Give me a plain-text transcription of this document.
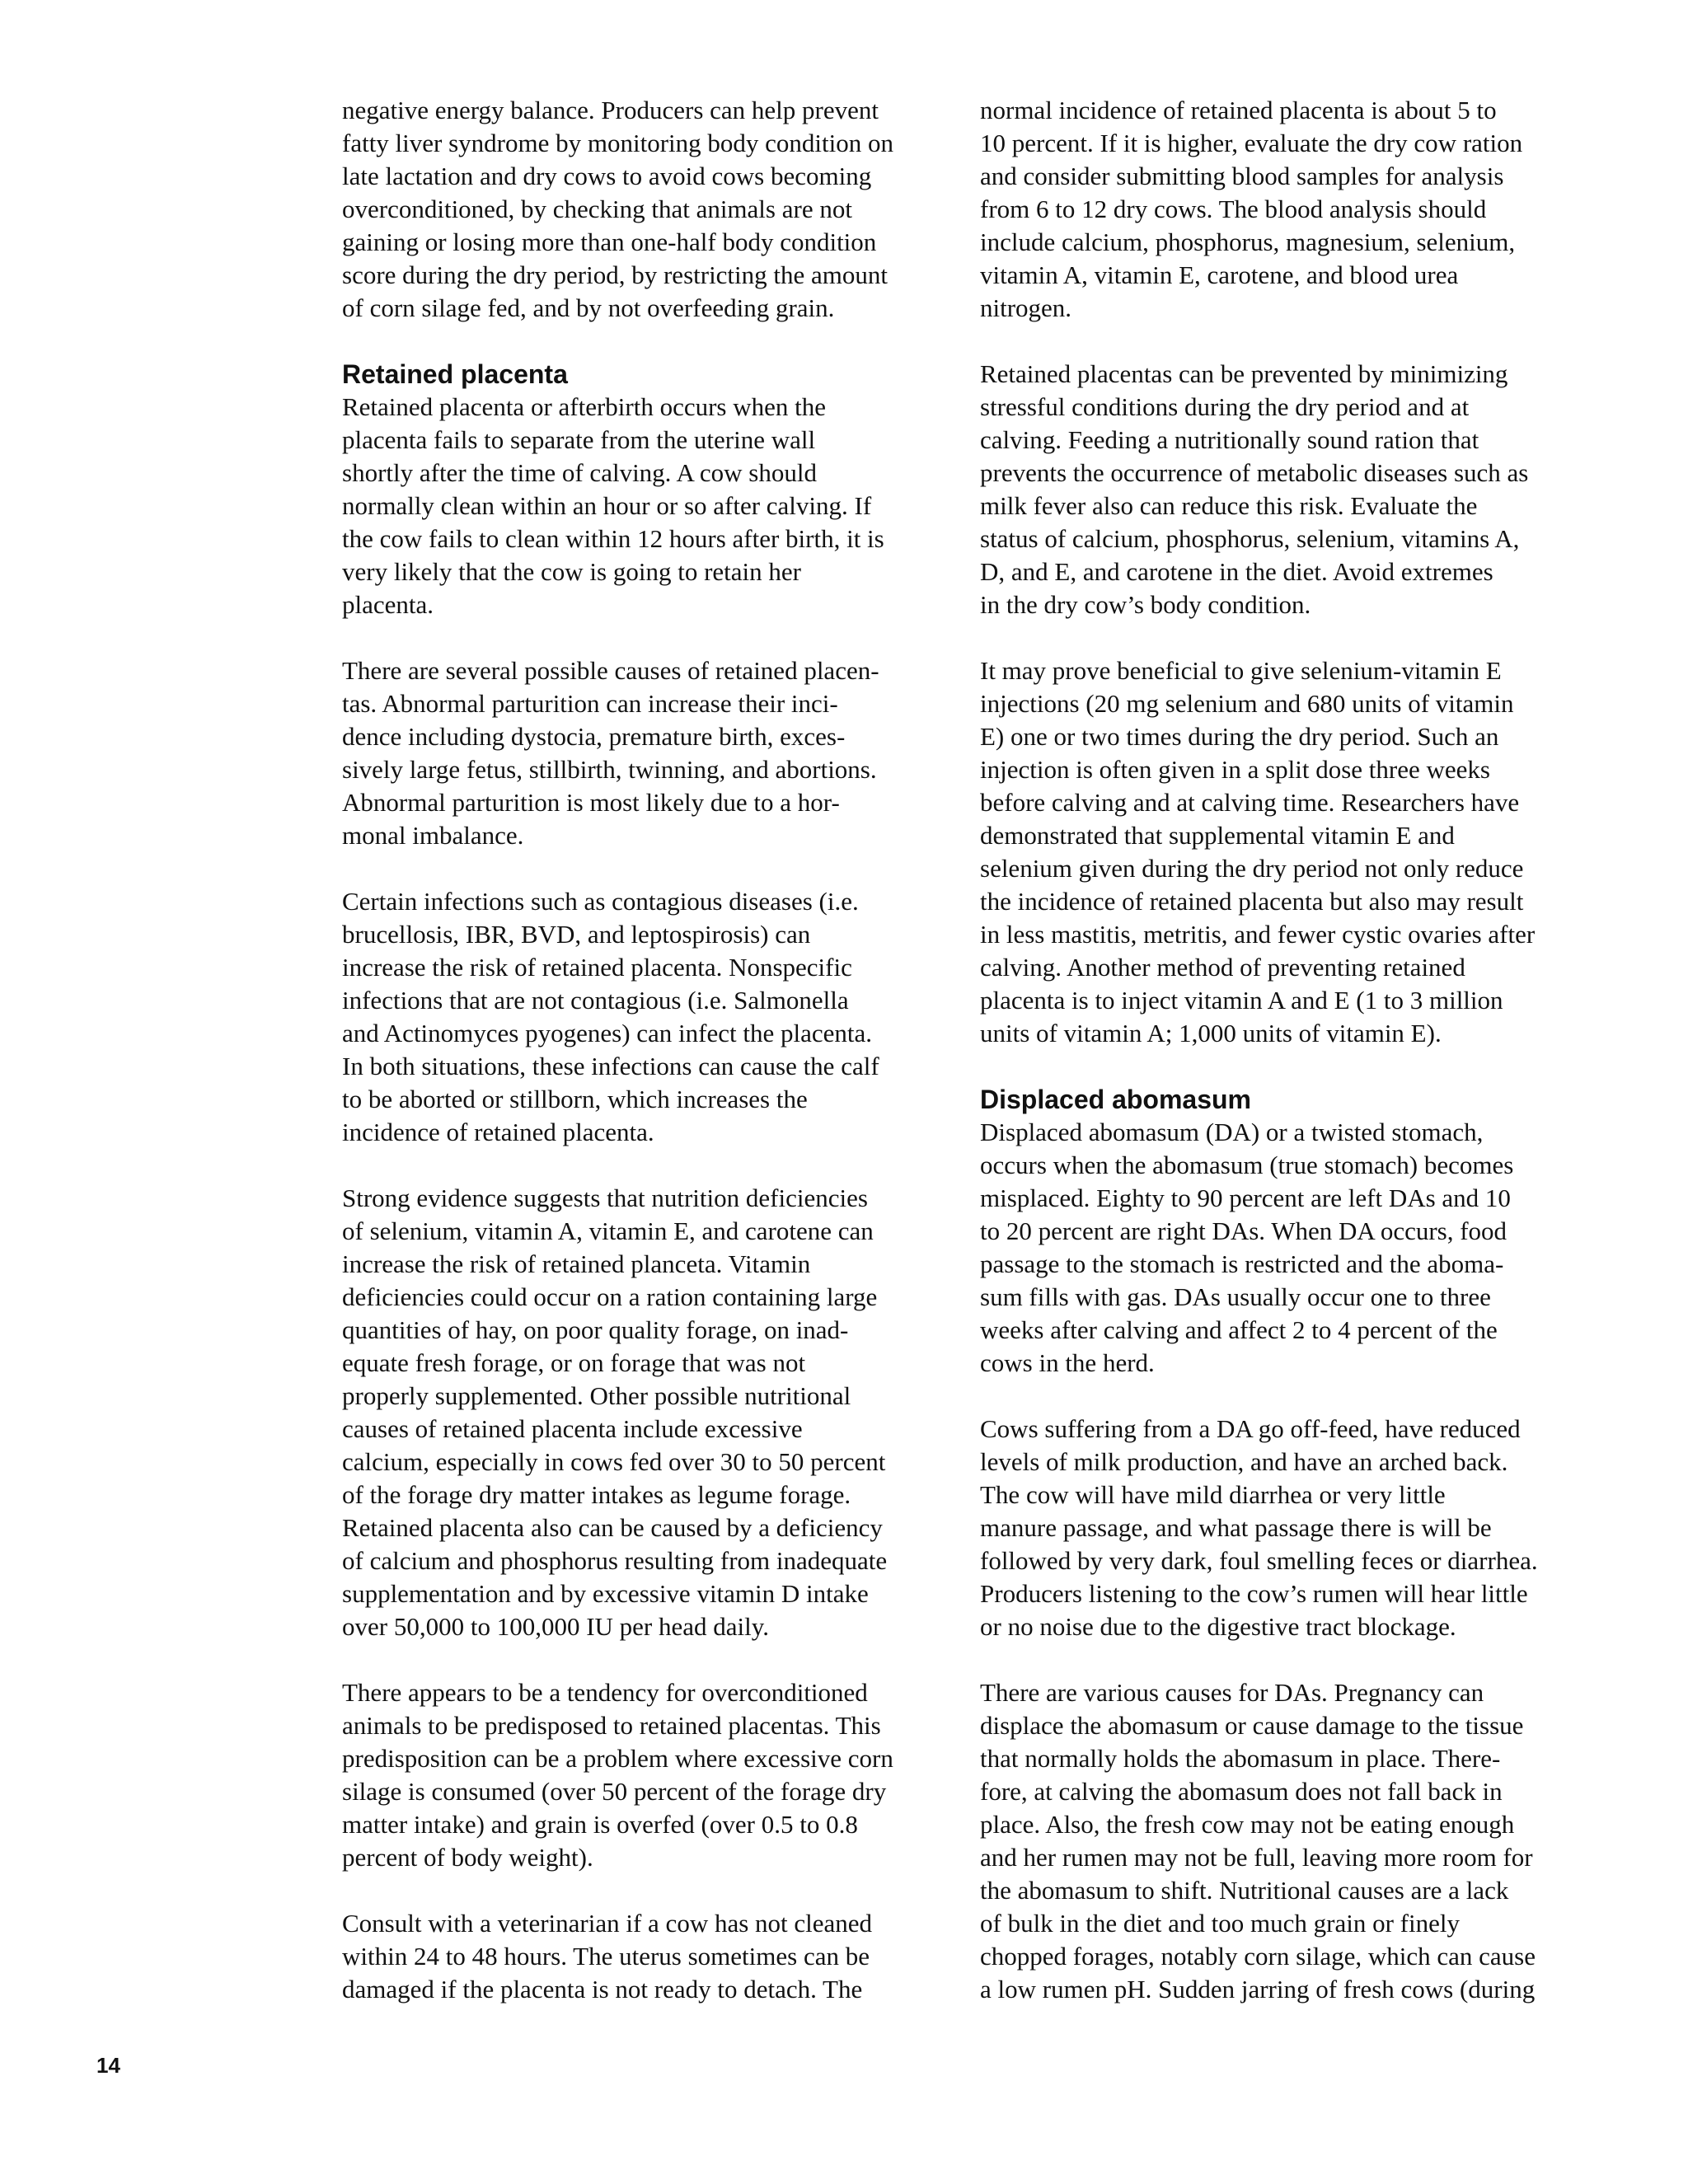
negative energy balance. Producers can help prevent
fatty liver syndrome by monitoring body condition on
late lactation and dry cows to avoid cows becoming
overconditioned, by checking that animals are not
gaining or losing more than one-half body condition
score during the dry period, by restricting the amount
of corn silage fed, and by not overfeeding grain.

Retained placenta

Retained placenta or afterbirth occurs when the
placenta fails to separate from the uterine wall
shortly after the time of calving. A cow should
normally clean within an hour or so after calving. If
the cow fails to clean within 12 hours after birth, it is
very likely that the cow is going to retain her
placenta.

There are several possible causes of retained placen-
tas. Abnormal parturition can increase their inci-
dence including dystocia, premature birth, exces-
sively large fetus, stillbirth, twinning, and abortions.
Abnormal parturition is most likely due to a hor-
monal imbalance.

Certain infections such as contagious diseases (i.e.
brucellosis, IBR, BVD, and leptospirosis) can
increase the risk of retained placenta. Nonspecific
infections that are not contagious (i.e. Salmonella
and Actinomyces pyogenes) can infect the placenta.
In both situations, these infections can cause the calf
to be aborted or stillborn, which increases the
incidence of retained placenta.

Strong evidence suggests that nutrition deficiencies
of selenium, vitamin A, vitamin E, and carotene can
increase the risk of retained planceta. Vitamin
deficiencies could occur on a ration containing large
quantities of hay, on poor quality forage, on inad-
equate fresh forage, or on forage that was not
properly supplemented. Other possible nutritional
causes of retained placenta include excessive
calcium, especially in cows fed over 30 to 50 percent
of the forage dry matter intakes as legume forage.
Retained placenta also can be caused by a deficiency
of calcium and phosphorus resulting from inadequate
supplementation and by excessive vitamin D intake
over 50,000 to 100,000 IU per head daily.

There appears to be a tendency for overconditioned
animals to be predisposed to retained placentas. This
predisposition can be a problem where excessive corn
silage is consumed (over 50 percent of the forage dry
matter intake) and grain is overfed (over 0.5 to 0.8
percent of body weight).

Consult with a veterinarian if a cow has not cleaned
within 24 to 48 hours. The uterus sometimes can be
damaged if the placenta is not ready to detach. The

normal incidence of retained placenta is about 5 to
10 percent. If it is higher, evaluate the dry cow ration
and consider submitting blood samples for analysis
from 6 to 12 dry cows. The blood analysis should
include calcium, phosphorus, magnesium, selenium,
vitamin A, vitamin E, carotene, and blood urea
nitrogen.

Retained placentas can be prevented by minimizing
stressful conditions during the dry period and at
calving. Feeding a nutritionally sound ration that
prevents the occurrence of metabolic diseases such as
milk fever also can reduce this risk. Evaluate the
status of calcium, phosphorus, selenium, vitamins A,
D, and E, and carotene in the diet. Avoid extremes
in the dry cow’s body condition.

It may prove beneficial to give selenium-vitamin E
injections (20 mg selenium and 680 units of vitamin
E) one or two times during the dry period. Such an
injection is often given in a split dose three weeks
before calving and at calving time. Researchers have
demonstrated that supplemental vitamin E and
selenium given during the dry period not only reduce
the incidence of retained placenta but also may result
in less mastitis, metritis, and fewer cystic ovaries after
calving. Another method of preventing retained
placenta is to inject vitamin A and E (1 to 3 million
units of vitamin A; 1,000 units of vitamin E).

Displaced abomasum

Displaced abomasum (DA) or a twisted stomach,
occurs when the abomasum (true stomach) becomes
misplaced. Eighty to 90 percent are left DAs and 10
to 20 percent are right DAs. When DA occurs, food
passage to the stomach is restricted and the aboma-
sum fills with gas. DAs usually occur one to three
weeks after calving and affect 2 to 4 percent of the
cows in the herd.

Cows suffering from a DA go off-feed, have reduced
levels of milk production, and have an arched back.
The cow will have mild diarrhea or very little
manure passage, and what passage there is will be
followed by very dark, foul smelling feces or diarrhea.
Producers listening to the cow’s rumen will hear little
or no noise due to the digestive tract blockage.

There are various causes for DAs. Pregnancy can
displace the abomasum or cause damage to the tissue
that normally holds the abomasum in place. There-
fore, at calving the abomasum does not fall back in
place. Also, the fresh cow may not be eating enough
and her rumen may not be full, leaving more room for
the abomasum to shift. Nutritional causes are a lack
of bulk in the diet and too much grain or finely
chopped forages, notably corn silage, which can cause
a low rumen pH. Sudden jarring of fresh cows (during

14
